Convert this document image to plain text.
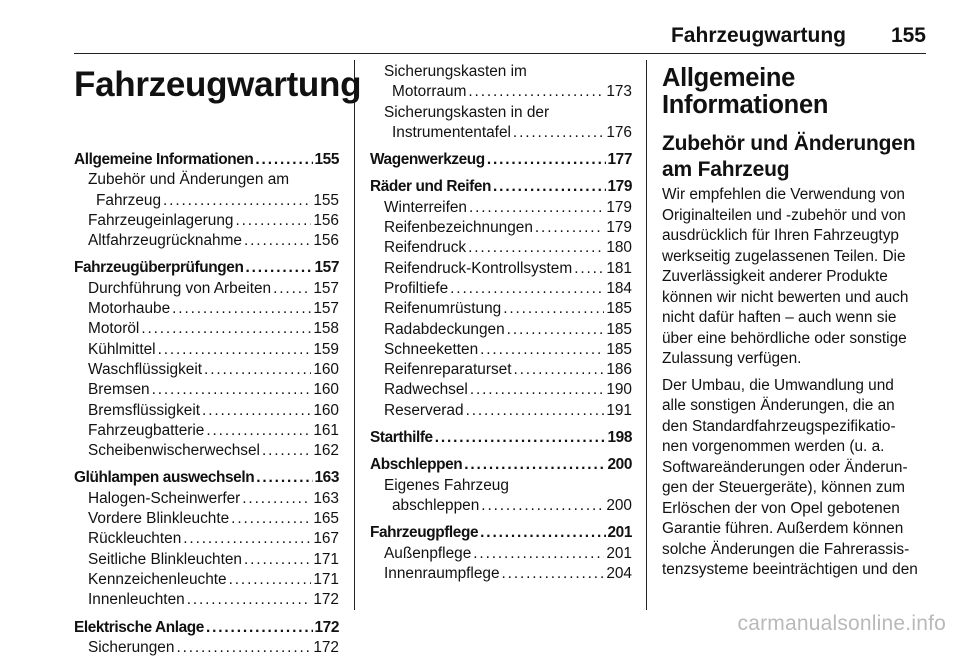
Fahrzeugwartung 155
Fahrzeugwartung
Allgemeine Informationen . . .	155
Zubehör und Änderungen am
Fahrzeug . . .	155
Fahrzeugeinlagerung . . .	156
Altfahrzeugrücknahme . . .	156
Fahrzeugüberprüfungen . . .	157
Durchführung von Arbeiten . . .	157
Motorhaube . . .	157
Motoröl . . .	158
Kühlmittel . . .	159
Waschflüssigkeit . . .	160
Bremsen . . .	160
Bremsflüssigkeit . . .	160
Fahrzeugbatterie . . .	161
Scheibenwischerwechsel . . .	162
Glühlampen auswechseln . . .	163
Halogen-Scheinwerfer . . .	163
Vordere Blinkleuchte . . .	165
Rückleuchten . . .	167
Seitliche Blinkleuchten . . .	171
Kennzeichenleuchte . . .	171
Innenleuchten . . .	172
Elektrische Anlage . . .	172
Sicherungen . . .	172
Sicherungskasten im
Motorraum . . .	173
Sicherungskasten in der
Instrumententafel . . .	176
Wagenwerkzeug . . .	177
Räder und Reifen . . .	179
Winterreifen . . .	179
Reifenbezeichnungen . . .	179
Reifendruck . . .	180
Reifendruck-Kontrollsystem . . . 181
Profiltiefe . . .	184
Reifenumrüstung . . .	185
Radabdeckungen . . .	185
Schneeketten . . .	185
Reifenreparaturset . . .	186
Radwechsel . . .	190
Reserverad . . .	191
Starthilfe . . .	198
Abschleppen . . .	200
Eigenes Fahrzeug
abschleppen . . .	200
Fahrzeugpflege . . .	201
Außenpflege . . .	201
Innenraumpflege . . .	204
Allgemeine
Informationen
Zubehör und Änderungen
am Fahrzeug
Wir empfehlen die Verwendung von
Originalteilen und -zubehör und von
ausdrücklich für Ihren Fahrzeugtyp
werkseitig zugelassenen Teilen. Die
Zuverlässigkeit anderer Produkte
können wir nicht bewerten und auch
nicht dafür haften – auch wenn sie
über eine behördliche oder sonstige
Zulassung verfügen.
Der Umbau, die Umwandlung und
alle sonstigen Änderungen, die an
den Standardfahrzeugspezifikatio-
nen vorgenommen werden (u. a.
Softwareänderungen oder Änderun-
gen der Steuergeräte), können zum
Erlöschen der von Opel gebotenen
Garantie führen. Außerdem können
solche Änderungen die Fahrerassis-
tenzsysteme beeinträchtigen und den
carmanualsonline.info
